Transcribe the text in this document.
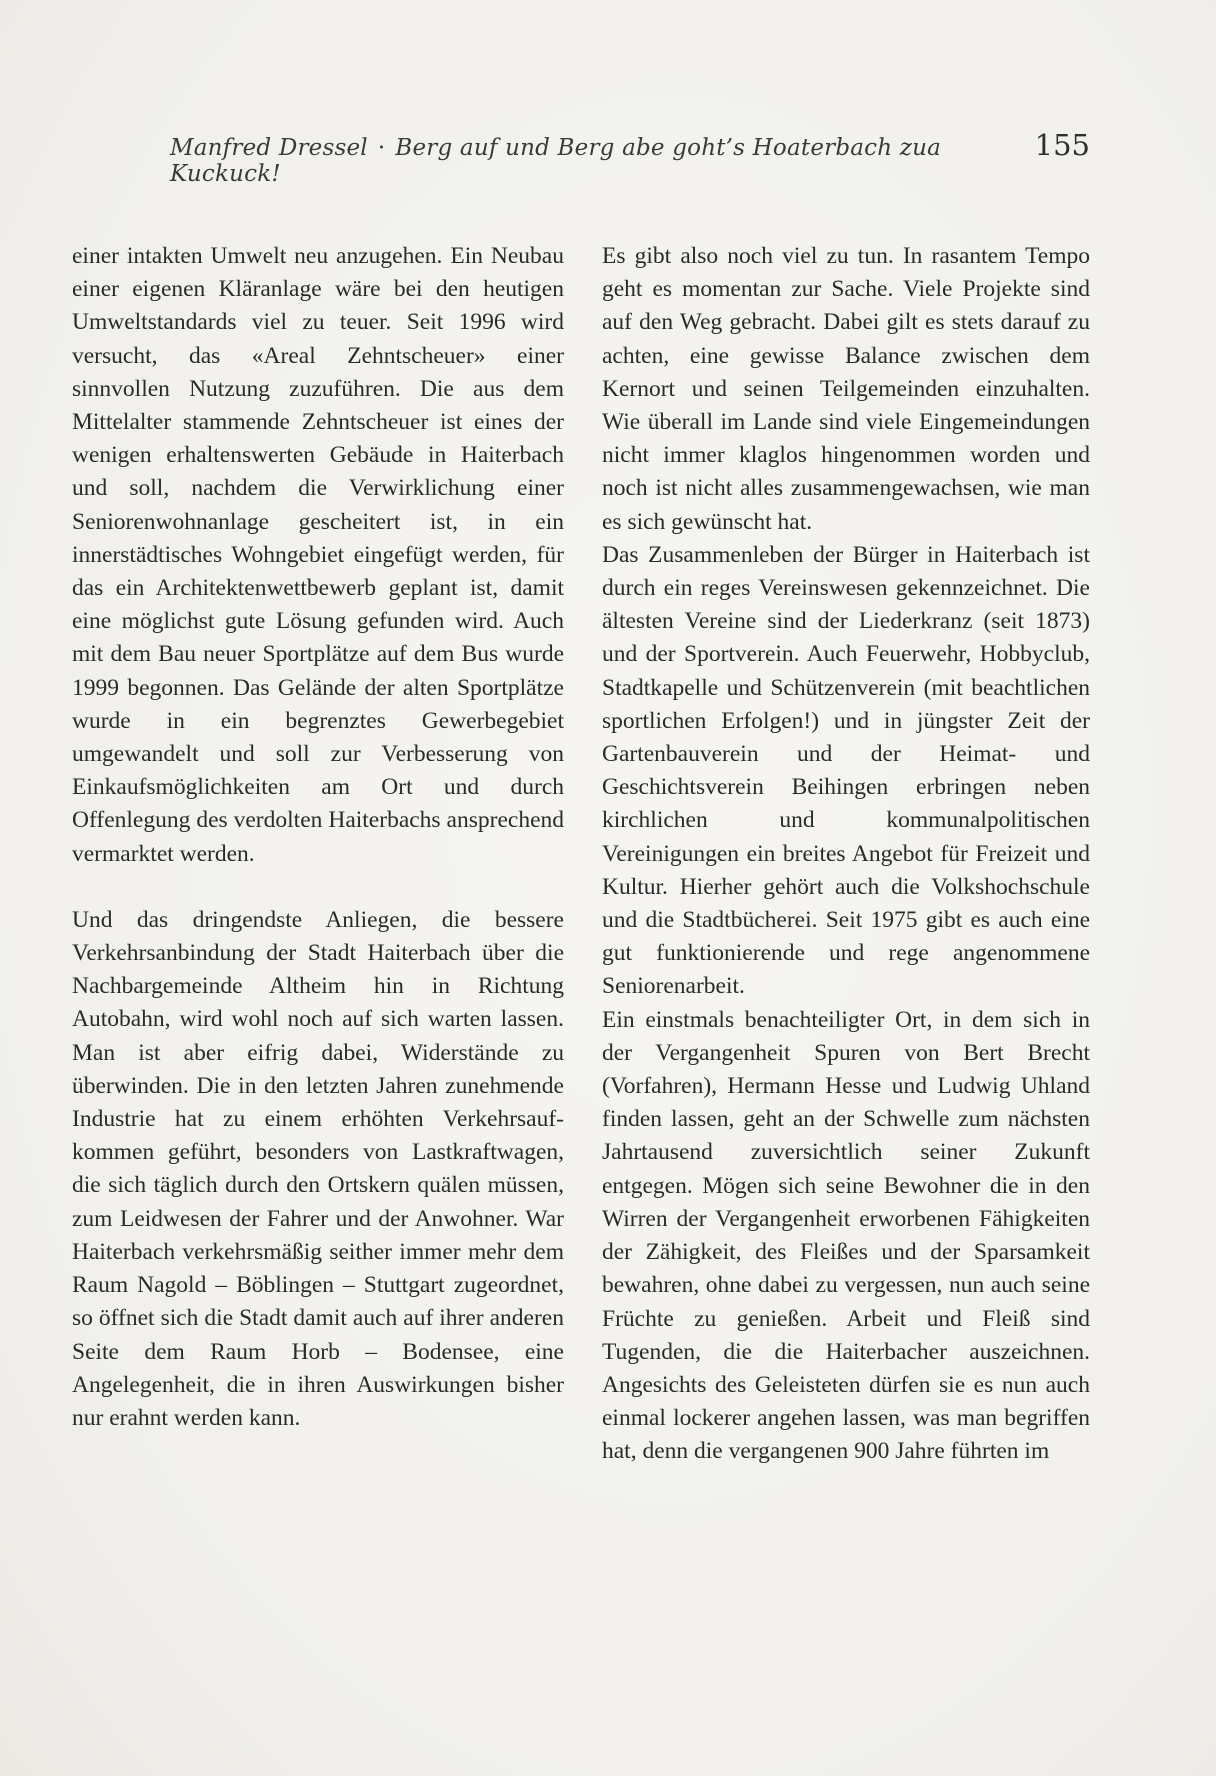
Manfred Dressel · Berg auf und Berg abe goht’s Hoaterbach zua Kuckuck!
155

einer intakten Umwelt neu anzugehen. Ein Neubau einer eigenen Kläranlage wäre bei den heutigen Umweltstandards viel zu teuer. Seit 1996 wird versucht, das «Areal Zehntscheuer» einer sinnvollen Nutzung zuzuführen. Die aus dem Mittelalter stammende Zehntscheuer ist eines der wenigen erhaltenswerten Gebäude in Haiterbach und soll, nachdem die Verwirklichung einer Seniorenwohnanlage gescheitert ist, in ein innerstädtisches Wohngebiet eingefügt werden, für das ein Architektenwettbewerb geplant ist, damit eine möglichst gute Lösung gefunden wird. Auch mit dem Bau neuer Sportplätze auf dem Bus wurde 1999 begonnen. Das Gelände der alten Sportplätze wurde in ein begrenztes Gewerbegebiet umgewandelt und soll zur Verbesserung von Einkaufsmöglichkeiten am Ort und durch Offenlegung des verdolten Haiterbachs ansprechend vermarktet werden.

Und das dringendste Anliegen, die bessere Verkehrsanbindung der Stadt Haiterbach über die Nachbargemeinde Altheim hin in Richtung Autobahn, wird wohl noch auf sich warten lassen. Man ist aber eifrig dabei, Widerstände zu überwinden. Die in den letzten Jahren zunehmende Industrie hat zu einem erhöhten Verkehrsaufkommen geführt, besonders von Lastkraftwagen, die sich täglich durch den Ortskern quälen müssen, zum Leidwesen der Fahrer und der Anwohner. War Haiterbach verkehrsmäßig seither immer mehr dem Raum Nagold – Böblingen – Stuttgart zugeordnet, so öffnet sich die Stadt damit auch auf ihrer anderen Seite dem Raum Horb – Bodensee, eine Angelegenheit, die in ihren Auswirkungen bisher nur erahnt werden kann.

Es gibt also noch viel zu tun. In rasantem Tempo geht es momentan zur Sache. Viele Projekte sind auf den Weg gebracht. Dabei gilt es stets darauf zu achten, eine gewisse Balance zwischen dem Kernort und seinen Teilgemeinden einzuhalten. Wie überall im Lande sind viele Eingemeindungen nicht immer klaglos hingenommen worden und noch ist nicht alles zusammengewachsen, wie man es sich gewünscht hat.

Das Zusammenleben der Bürger in Haiterbach ist durch ein reges Vereinswesen gekennzeichnet. Die ältesten Vereine sind der Liederkranz (seit 1873) und der Sportverein. Auch Feuerwehr, Hobbyclub, Stadtkapelle und Schützenverein (mit beachtlichen sportlichen Erfolgen!) und in jüngster Zeit der Gartenbauverein und der Heimat- und Geschichtsverein Beihingen erbringen neben kirchlichen und kommunalpolitischen Vereinigungen ein breites Angebot für Freizeit und Kultur. Hierher gehört auch die Volkshochschule und die Stadtbücherei. Seit 1975 gibt es auch eine gut funktionierende und rege angenommene Seniorenarbeit.

Ein einstmals benachteiligter Ort, in dem sich in der Vergangenheit Spuren von Bert Brecht (Vorfahren), Hermann Hesse und Ludwig Uhland finden lassen, geht an der Schwelle zum nächsten Jahrtausend zuversichtlich seiner Zukunft entgegen. Mögen sich seine Bewohner die in den Wirren der Vergangenheit erworbenen Fähigkeiten der Zähigkeit, des Fleißes und der Sparsamkeit bewahren, ohne dabei zu vergessen, nun auch seine Früchte zu genießen. Arbeit und Fleiß sind Tugenden, die die Haiterbacher auszeichnen. Angesichts des Geleisteten dürfen sie es nun auch einmal lockerer angehen lassen, was man begriffen hat, denn die vergangenen 900 Jahre führten im
